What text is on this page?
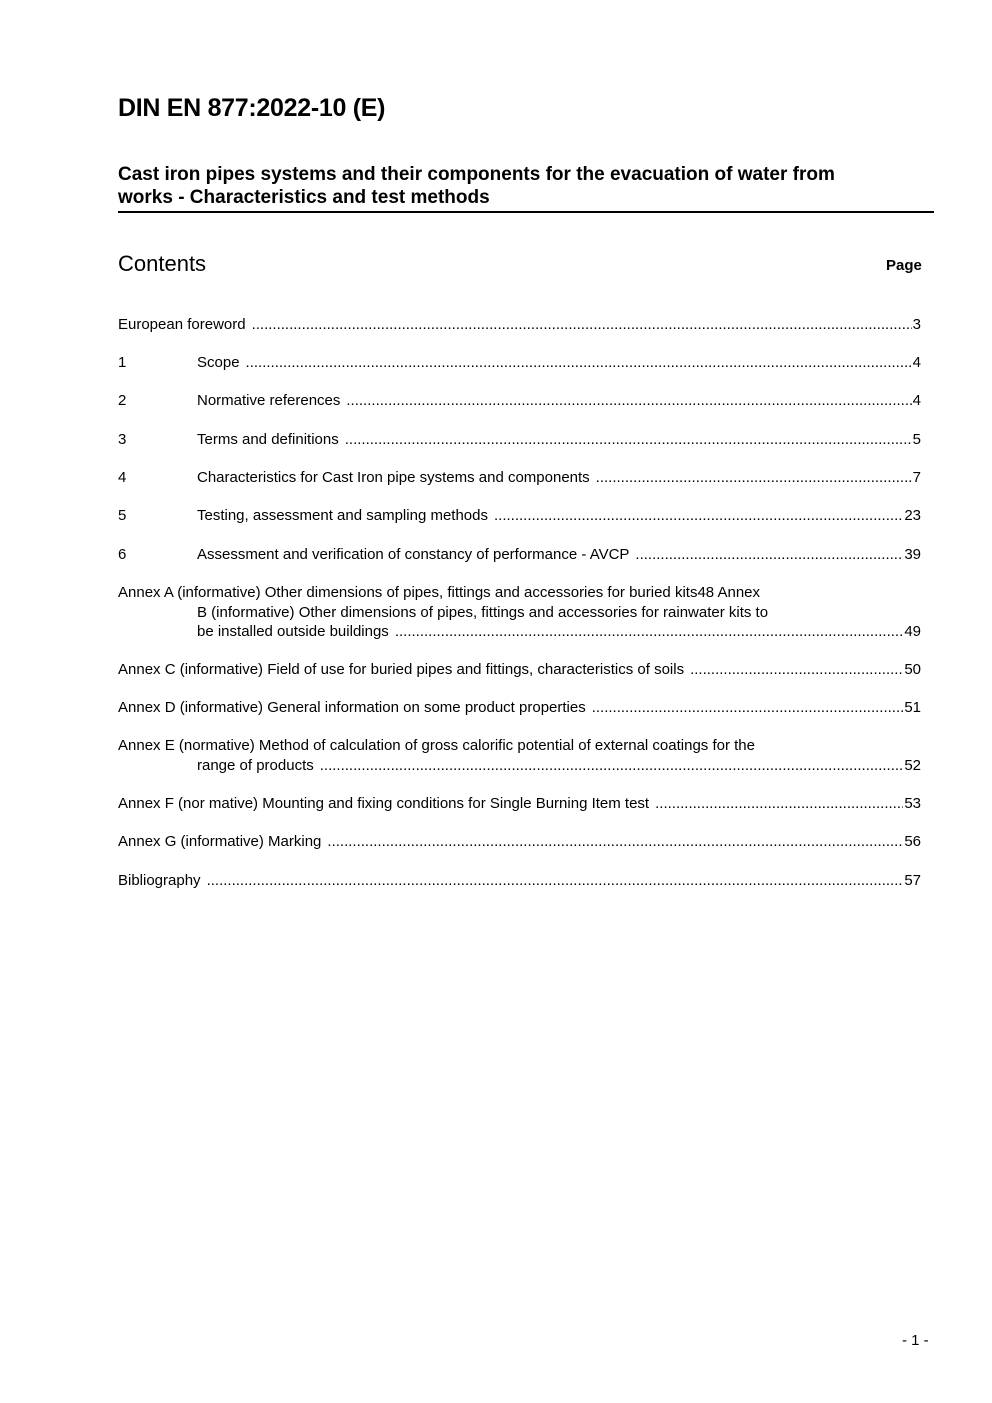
DIN EN 877:2022-10 (E)
Cast iron pipes systems and their components for the evacuation of water from
works - Characteristics and test methods
Contents	Page
European foreword .....	3
1	Scope .....	4
2	Normative references .....	4
3	Terms and definitions .....	5
4	Characteristics for Cast Iron pipe systems and components .....	7
5	Testing, assessment and sampling methods .....	23
6	Assessment and verification of constancy of performance - AVCP .....	39
Annex A (informative) Other dimensions of pipes, fittings and accessories for buried kits48 Annex
B (informative) Other dimensions of pipes, fittings and accessories for rainwater kits to
be installed outside buildings .....	49
Annex C (informative) Field of use for buried pipes and fittings, characteristics of soils .....	50
Annex D (informative) General information on some product properties .....	51
Annex E (normative) Method of calculation of gross calorific potential of external coatings for the
range of products .....	52
Annex F (nor mative) Mounting and fixing conditions for Single Burning Item test .....	53
Annex G (informative) Marking .....	56
Bibliography .....	57
- 1 -
